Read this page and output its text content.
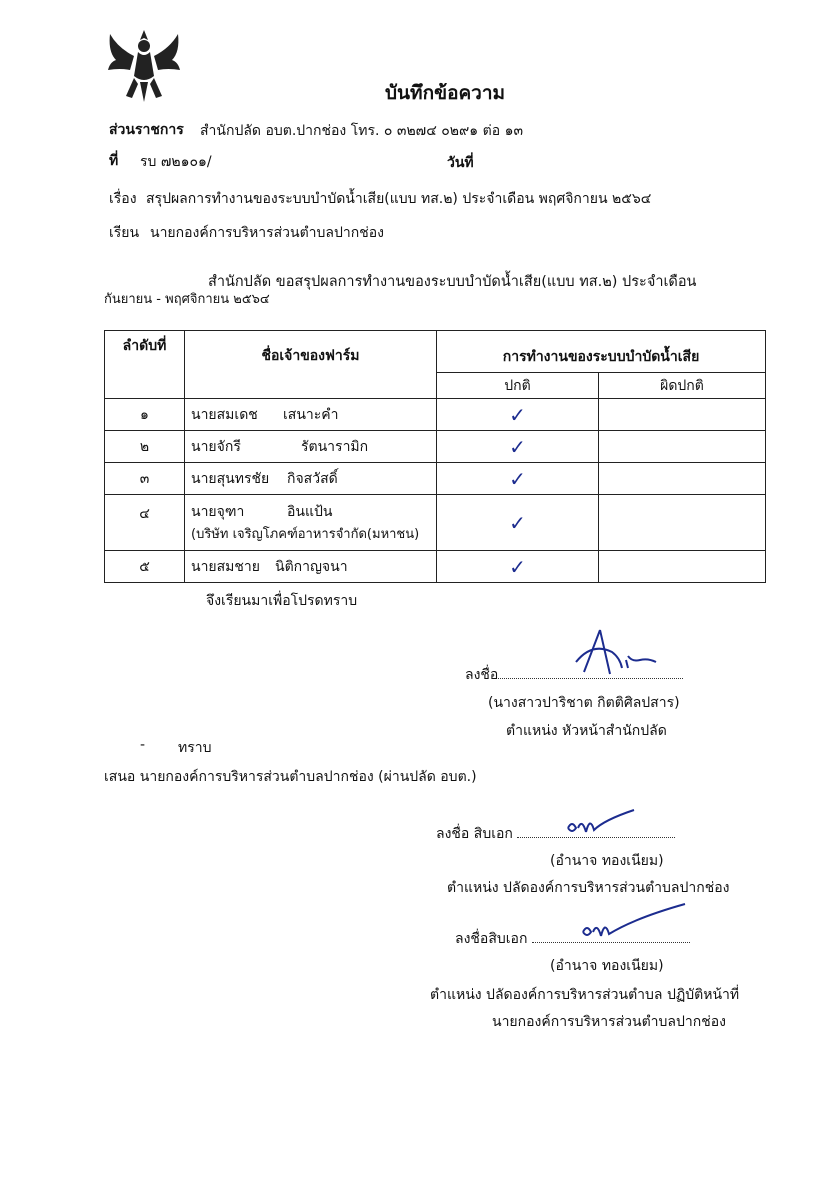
บันทึกข้อความ
ส่วนราชการ สำนักปลัด อบต.ปากช่อง โทร. ๐ ๓๒๗๔ ๐๒๙๑ ต่อ ๑๓
ที่ รบ ๗๒๑๐๑/	วันที่
เรื่อง สรุปผลการทำงานของระบบบำบัดน้ำเสีย(แบบ ทส.๒) ประจำเดือน พฤศจิกายน ๒๕๖๔
เรียน นายกองค์การบริหารส่วนตำบลปากช่อง
สำนักปลัด ขอสรุปผลการทำงานของระบบบำบัดน้ำเสีย(แบบ ทส.๒) ประจำเดือน
กันยายน - พฤศจิกายน ๒๕๖๔
ลำดับที่	ชื่อเจ้าของฟาร์ม	การทำงานของระบบบำบัดน้ำเสีย	
		ปกติ	ผิดปกติ
๑	นายสมเดช เสนาะคำ	✓	
๒	นายจักรี รัตนารามิก	✓	
๓	นายสุนทรชัย กิจสวัสดิ์	✓	
๔	นายจุฑา อินแป้น
(บริษัท เจริญโภคฑ์อาหารจำกัด(มหาชน)	✓	
๕	นายสมชาย นิติกาญจนา	✓	
จึงเรียนมาเพื่อโปรดทราบ
ลงชื่อ
(นางสาวปาริชาต กิตติศิลปสาร)
ตำแหน่ง หัวหน้าสำนักปลัด
- ทราบ
เสนอ นายกองค์การบริหารส่วนตำบลปากช่อง (ผ่านปลัด อบต.)
ลงชื่อ สิบเอก
(อำนาจ ทองเนียม)
ตำแหน่ง ปลัดองค์การบริหารส่วนตำบลปากช่อง
ลงชื่อสิบเอก
(อำนาจ ทองเนียม)
ตำแหน่ง ปลัดองค์การบริหารส่วนตำบล ปฏิบัติหน้าที่
นายกองค์การบริหารส่วนตำบลปากช่อง
